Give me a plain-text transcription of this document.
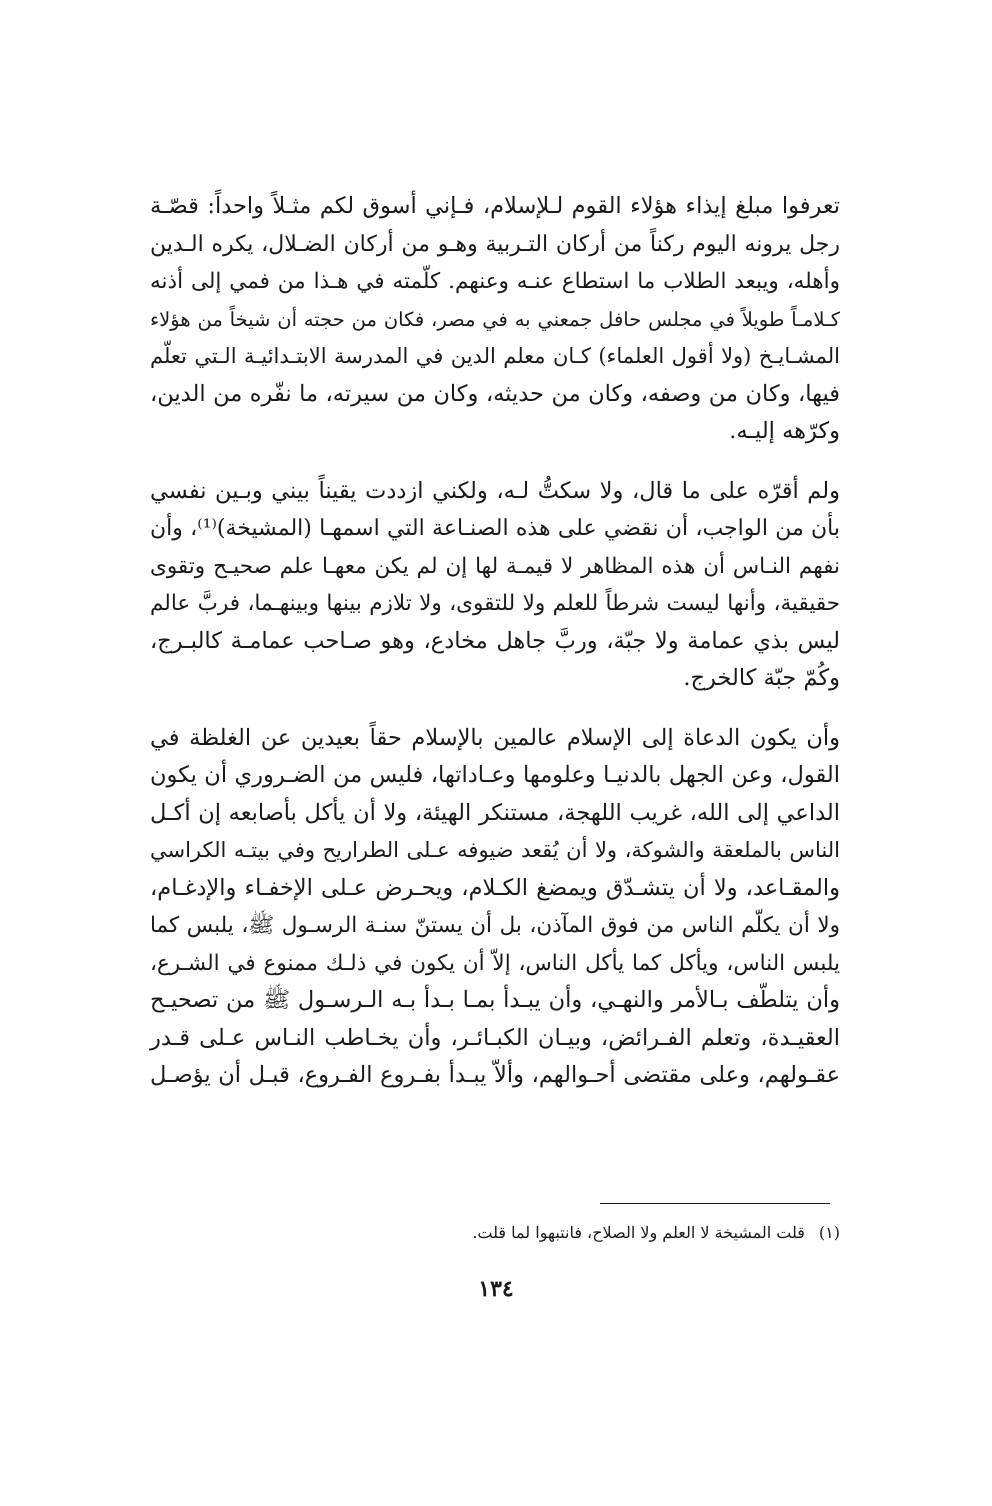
تعرفوا مبلغ إيذاء هؤلاء القوم لـلإسلام، فـإني أسوق لكم مثـلاً واحداً: قصّـة
رجل يرونه اليوم ركناً من أركان التـربية وهـو من أركان الضـلال، يكره الـدين
وأهله، ويبعد الطلاب ما استطاع عنـه وعنهم. كلّمته في هـذا من فمي إلى أذنه
كـلامـاً طويلاً في مجلس حافل جمعني به في مصر، فكان من حجته أن شيخاً من هؤلاء
المشـايـخ (ولا أقول العلماء) كـان معلم الدين في المدرسة الابتـدائيـة الـتي تعلّم
فيها، وكان من وصفه، وكان من حديثه، وكان من سيرته، ما نفّره من الدين،
وكرّهه إليـه.

ولم أقرّه على ما قال، ولا سكتُّ لـه، ولكني ازددت يقيناً بيني وبـين نفسي
بأن من الواجب، أن نقضي على هذه الصنـاعة التي اسمهـا (المشيخة)⁽¹⁾، وأن
نفهم النـاس أن هذه المظاهر لا قيمـة لها إن لم يكن معهـا علم صحيـح وتقوى
حقيقية، وأنها ليست شرطاً للعلم ولا للتقوى، ولا تلازم بينها وبينهـما، فربَّ عالم
ليس بذي عمامة ولا جبّة، وربَّ جاهل مخادع، وهو صـاحب عمامـة كالبـرج،
وكُمّ جبّة كالخرج.

وأن يكون الدعاة إلى الإسلام عالمين بالإسلام حقاً بعيدين عن الغلظة في
القول، وعن الجهل بالدنيـا وعلومها وعـاداتها، فليس من الضـروري أن يكون
الداعي إلى الله، غريب اللهجة، مستنكر الهيئة، ولا أن يأكل بأصابعه إن أكـل
الناس بالملعقة والشوكة، ولا أن يُقعد ضيوفه عـلى الطراريح وفي بيتـه الكراسي
والمقـاعد، ولا أن يتشـدّق ويمضغ الكـلام، ويحـرض عـلى الإخفـاء والإدغـام،
ولا أن يكلّم الناس من فوق المآذن، بل أن يستنّ سنـة الرسـول ﷺ، يلبس كما
يلبس الناس، ويأكل كما يأكل الناس، إلاّ أن يكون في ذلـك ممنوع في الشـرع،
وأن يتلطّف بـالأمر والنهـي، وأن يبـدأ بمـا بـدأ بـه الـرسـول ﷺ من تصحيـح
العقيـدة، وتعلم الفـرائض، وبيـان الكبـائـر، وأن يخـاطب النـاس عـلى قـدر
عقـولهم، وعلى مقتضى أحـوالهم، وألاّ يبـدأ بفـروع الفـروع، قبـل أن يؤصـل

(١)قلت المشيخة لا العلم ولا الصلاح، فانتبهوا لما قلت.
١٣٤
